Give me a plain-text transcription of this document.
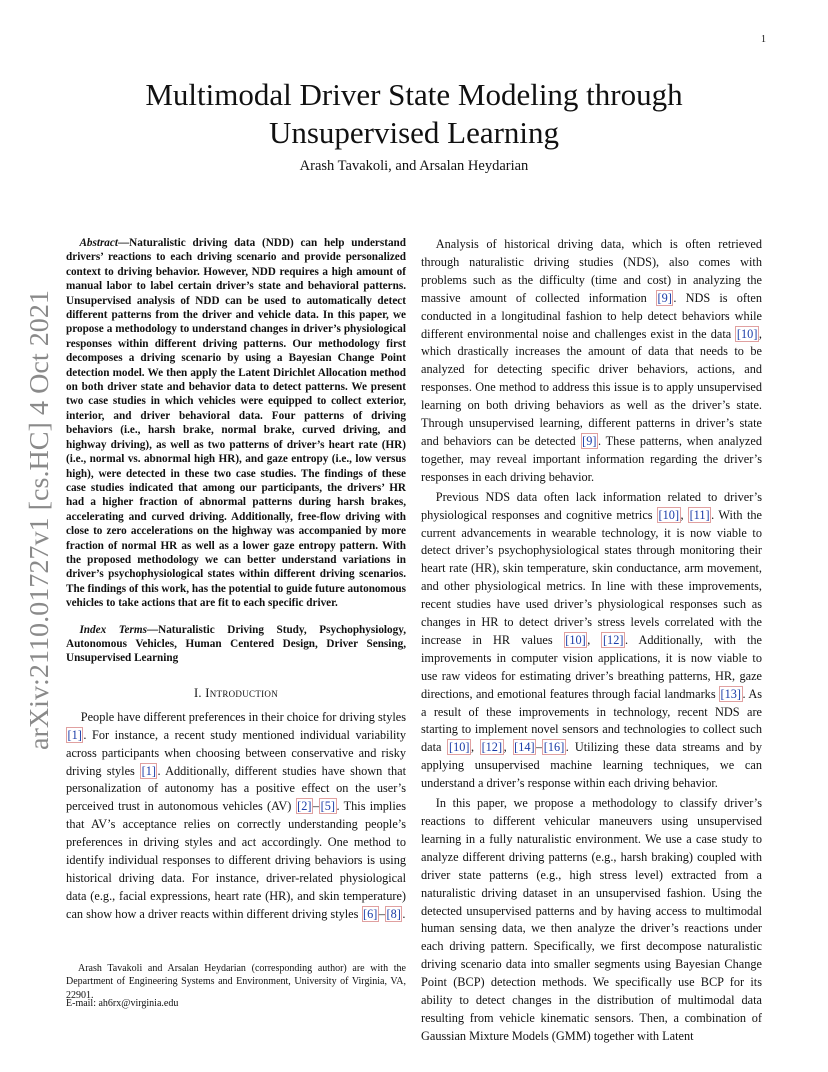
1
arXiv:2110.01727v1 [cs.HC] 4 Oct 2021
Multimodal Driver State Modeling through
Unsupervised Learning

Arash Tavakoli, and Arsalan Heydarian

Abstract—Naturalistic driving data (NDD) can help understand drivers’ reactions to each driving scenario and provide personalized context to driving behavior. However, NDD requires a high amount of manual labor to label certain driver’s state and behavioral patterns. Unsupervised analysis of NDD can be used to automatically detect different patterns from the driver and vehicle data. In this paper, we propose a methodology to understand changes in driver’s physiological responses within different driving patterns. Our methodology first decomposes a driving scenario by using a Bayesian Change Point detection model. We then apply the Latent Dirichlet Allocation method on both driver state and behavior data to detect patterns. We present two case studies in which vehicles were equipped to collect exterior, interior, and driver behavioral data. Four patterns of driving behaviors (i.e., harsh brake, normal brake, curved driving, and highway driving), as well as two patterns of driver’s heart rate (HR) (i.e., normal vs. abnormal high HR), and gaze entropy (i.e., low versus high), were detected in these two case studies. The findings of these case studies indicated that among our participants, the drivers’ HR had a higher fraction of abnormal patterns during harsh brakes, accelerating and curved driving. Additionally, free-flow driving with close to zero accelerations on the highway was accompanied by more fraction of normal HR as well as a lower gaze entropy pattern. With the proposed methodology we can better understand variations in driver’s psychophysiological states within different driving scenarios. The findings of this work, has the potential to guide future autonomous vehicles to take actions that are fit to each specific driver.

Index Terms—Naturalistic Driving Study, Psychophysiology, Autonomous Vehicles, Human Centered Design, Driver Sensing, Unsupervised Learning

I. Introduction

People have different preferences in their choice for driving styles [1] . For instance, a recent study mentioned individual variability across participants when choosing between conservative and risky driving styles [1] . Additionally, different studies have shown that personalization of autonomy has a positive effect on the user’s perceived trust in autonomous vehicles (AV) [2] – [5] . This implies that AV’s acceptance relies on correctly understanding people’s preferences in driving styles and act accordingly. One method to identify individual responses to different driving behaviors is using historical driving data. For instance, driver-related physiological data (e.g., facial expressions, heart rate (HR), and skin temperature) can show how a driver reacts within different driving styles [6] – [8] .

Arash Tavakoli and Arsalan Heydarian (corresponding author) are with the Department of Engineering Systems and Environment, University of Virginia, VA, 22901.

E-mail: ah6rx@virginia.edu

Analysis of historical driving data, which is often retrieved through naturalistic driving studies (NDS), also comes with problems such as the difficulty (time and cost) in analyzing the massive amount of collected information [9] . NDS is often conducted in a longitudinal fashion to help detect behaviors while different environmental noise and challenges exist in the data [10] , which drastically increases the amount of data that needs to be analyzed for detecting specific driver behaviors, actions, and responses. One method to address this issue is to apply unsupervised learning on both driving behaviors as well as the driver’s state. Through unsupervised learning, different patterns in driver’s state and behaviors can be detected [9] . These patterns, when analyzed together, may reveal important information regarding the driver’s responses in each driving behavior.

Previous NDS data often lack information related to driver’s physiological responses and cognitive metrics [10] , [11] . With the current advancements in wearable technology, it is now viable to detect driver’s psychophysiological states through monitoring their heart rate (HR), skin temperature, skin conductance, arm movement, and other physiological metrics. In line with these improvements, recent studies have used driver’s physiological responses such as changes in HR to detect driver’s stress levels correlated with the increase in HR values [10] , [12] . Additionally, with the improvements in computer vision applications, it is now viable to use raw videos for estimating driver’s breathing patterns, HR, gaze directions, and emotional features through facial landmarks [13] . As a result of these improvements in technology, recent NDS are starting to implement novel sensors and technologies to collect such data [10] , [12] , [14] – [16] . Utilizing these data streams and by applying unsupervised machine learning techniques, we can understand a driver’s response within each driving behavior.

In this paper, we propose a methodology to classify driver’s reactions to different vehicular maneuvers using unsupervised learning in a fully naturalistic environment. We use a case study to analyze different driving patterns (e.g., harsh braking) coupled with driver state patterns (e.g., high stress level) extracted from a naturalistic driving dataset in an unsupervised fashion. Using the detected unsupervised patterns and by having access to multimodal human sensing data, we then analyze the driver’s reactions under each driving pattern. Specifically, we first decompose naturalistic driving scenario data into smaller segments using Bayesian Change Point (BCP) detection methods. We specifically use BCP for its ability to detect changes in the distribution of multimodal data resulting from vehicle kinematic sensors. Then, a combination of Gaussian Mixture Models (GMM) together with Latent
